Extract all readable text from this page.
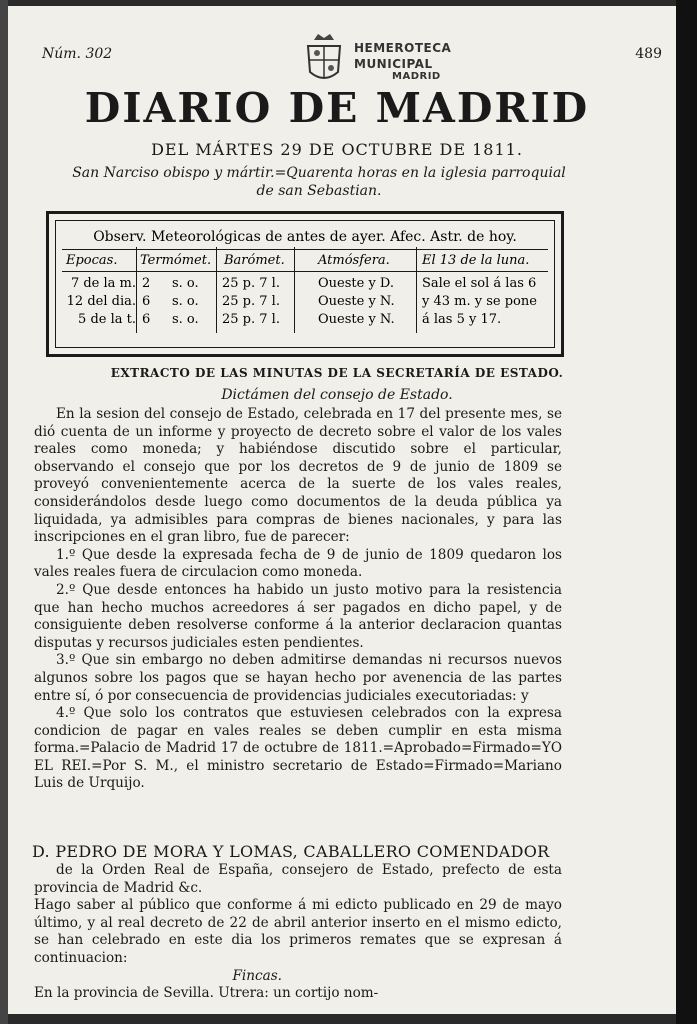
Núm. 302	489
HEMEROTECA
MUNICIPAL
MADRID
DIARIO DE MADRID
DEL MÁRTES 29 DE OCTUBRE DE 1811.
San Narciso obispo y mártir.=Quarenta horas en la iglesia parroquial
de san Sebastian.
Observ. Meteorológicas de antes de ayer. Afec. Astr. de hoy.
Epocas. Termómet. Barómet.	Atmósfera. El 13 de la luna.
7 de la m.
12 del dia.
5 de la t.
2
6
6
s. o.
s. o.
s. o.
25 p. 7 l.
25 p. 7 l.
25 p. 7 l.
Oueste y D.
Oueste y N.
Oueste y N.
Sale el sol á las 6
y 43 m. y se pone
á las 5 y 17.
EXTRACTO DE LAS MINUTAS DE LA SECRETARÍA DE ESTADO.
Dictámen del consejo de Estado.

En la sesion del consejo de Estado, celebrada en 17 del presente mes, se dió cuenta de un informe y proyecto de decreto sobre el valor de los vales reales como moneda; y habiéndose discutido sobre el particular, observando el consejo que por los decretos de 9 de junio de 1809 se proveyó convenientemente acerca de la suerte de los vales reales, considerándolos desde luego como documentos de la deuda pública ya liquidada, ya admisibles para compras de bienes nacionales, y para las inscripciones en el gran libro, fue de parecer:

1.º Que desde la expresada fecha de 9 de junio de 1809 quedaron los vales reales fuera de circulacion como moneda.

2.º Que desde entonces ha habido un justo motivo para la resistencia que han hecho muchos acreedores á ser pagados en dicho papel, y de consiguiente deben resolverse conforme á la anterior declaracion quantas disputas y recursos judiciales esten pendientes.

3.º Que sin embargo no deben admitirse demandas ni recursos nuevos algunos sobre los pagos que se hayan hecho por avenencia de las partes entre sí, ó por consecuencia de providencias judiciales executoriadas: y

4.º Que solo los contratos que estuviesen celebrados con la expresa condicion de pagar en vales reales se deben cumplir en esta misma forma.=Palacio de Madrid 17 de octubre de 1811.=Aprobado=Firmado=YO EL REI.=Por S. M., el ministro secretario de Estado=Firmado=Mariano Luis de Urquijo.

D. PEDRO DE MORA Y LOMAS, CABALLERO COMENDADOR

de la Orden Real de España, consejero de Estado, prefecto de esta provincia de Madrid &c.

Hago saber al público que conforme á mi edicto publicado en 29 de mayo último, y al real decreto de 22 de abril anterior inserto en el mismo edicto, se han celebrado en este dia los primeros remates que se expresan á continuacion:

Fincas.

En la provincia de Sevilla. Utrera: un cortijo nom-
